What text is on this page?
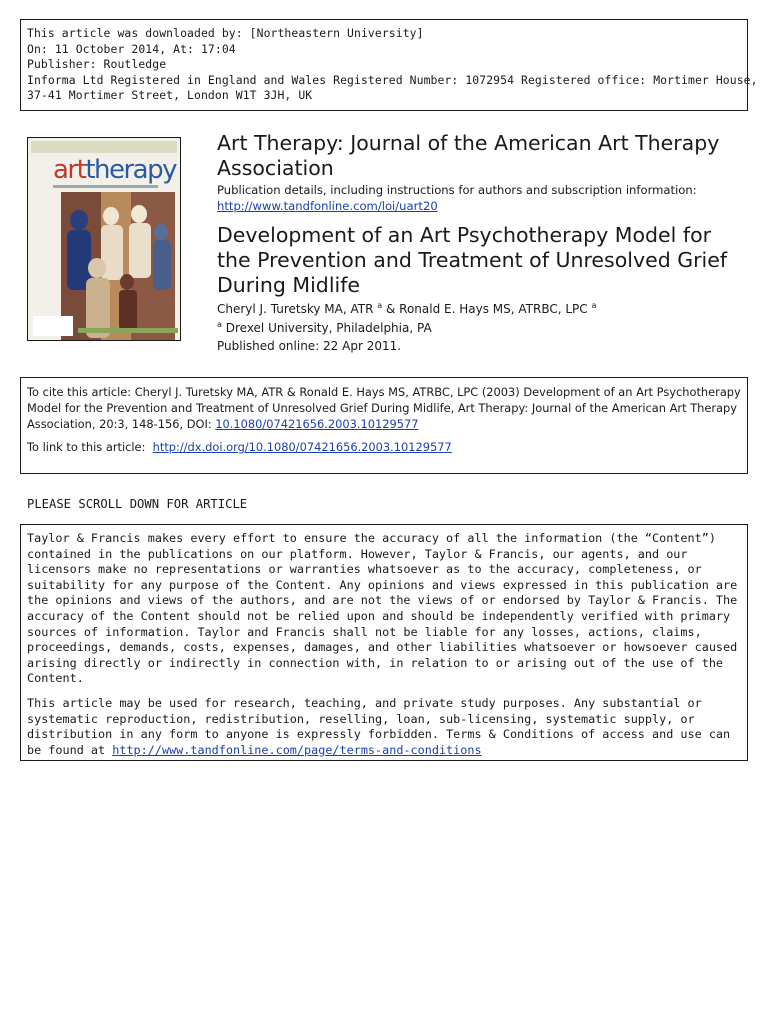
This article was downloaded by: [Northeastern University]
On: 11 October 2014, At: 17:04
Publisher: Routledge
Informa Ltd Registered in England and Wales Registered Number: 1072954 Registered office: Mortimer House,
37-41 Mortimer Street, London W1T 3JH, UK
arttherapy
Art Therapy: Journal of the American Art Therapy Association
Publication details, including instructions for authors and subscription information:
http://www.tandfonline.com/loi/uart20
Development of an Art Psychotherapy Model for the Prevention and Treatment of Unresolved Grief During Midlife
Cheryl J. Turetsky MA, ATR $^a$ & Ronald E. Hays MS, ATRBC, LPC $^a$
$^a$ Drexel University, Philadelphia, PA
Published online: 22 Apr 2011.

To cite this article: Cheryl J. Turetsky MA, ATR & Ronald E. Hays MS, ATRBC, LPC (2003) Development of an Art Psychotherapy Model for the Prevention and Treatment of Unresolved Grief During Midlife, Art Therapy: Journal of the American Art Therapy Association, 20:3, 148-156, DOI: 10.1080/07421656.2003.10129577

To link to this article: http://dx.doi.org/10.1080/07421656.2003.10129577
PLEASE SCROLL DOWN FOR ARTICLE

Taylor & Francis makes every effort to ensure the accuracy of all the information (the “Content”) contained in the publications on our platform. However, Taylor & Francis, our agents, and our licensors make no representations or warranties whatsoever as to the accuracy, completeness, or suitability for any purpose of the Content. Any opinions and views expressed in this publication are the opinions and views of the authors, and are not the views of or endorsed by Taylor & Francis. The accuracy of the Content should not be relied upon and should be independently verified with primary sources of information. Taylor and Francis shall not be liable for any losses, actions, claims, proceedings, demands, costs, expenses, damages, and other liabilities whatsoever or howsoever caused arising directly or indirectly in connection with, in relation to or arising out of the use of the Content.

This article may be used for research, teaching, and private study purposes. Any substantial or systematic reproduction, redistribution, reselling, loan, sub-licensing, systematic supply, or distribution in any form to anyone is expressly forbidden. Terms & Conditions of access and use can be found at http://www.tandfonline.com/page/terms-and-conditions
